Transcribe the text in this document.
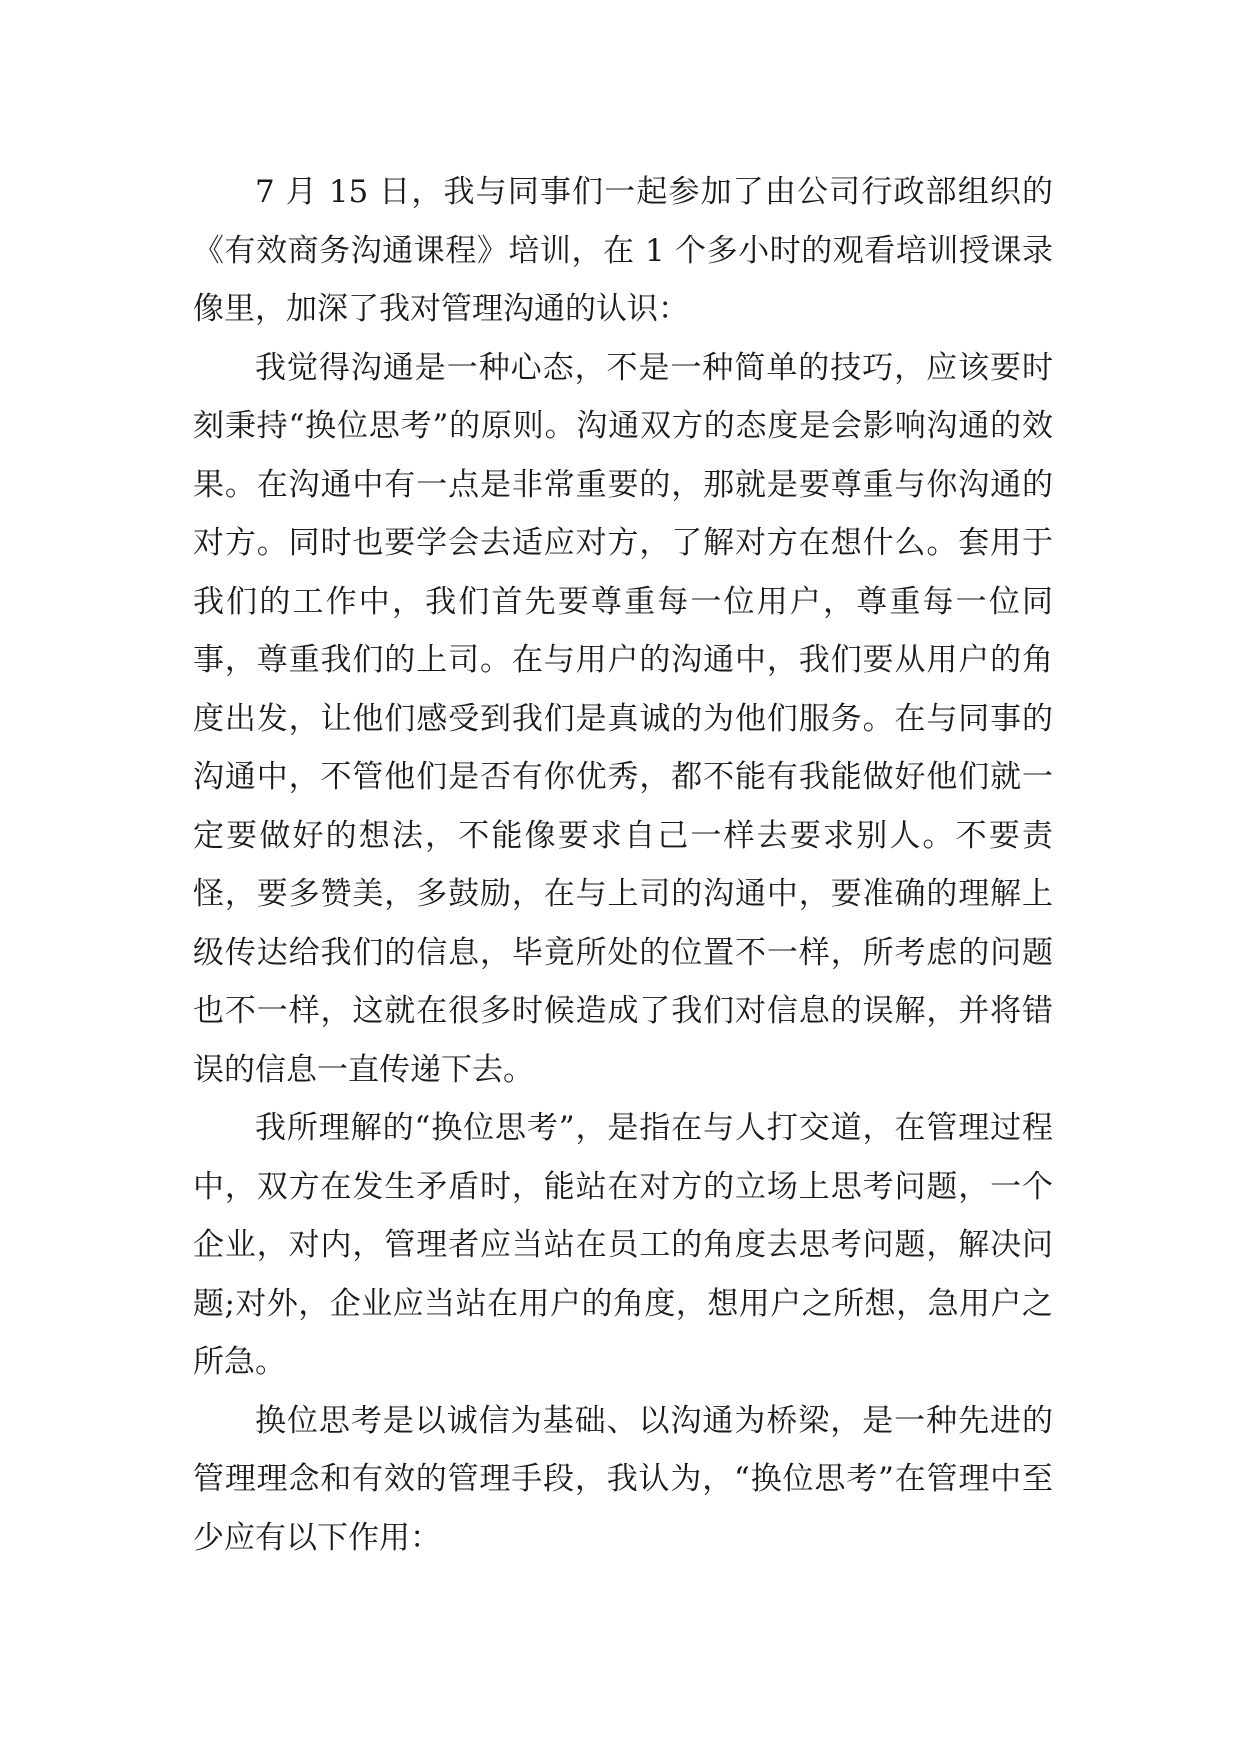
7 月 15 日，我与同事们一起参加了由公司行政部组织的《有效商务沟通课程》培训，在 1 个多小时的观看培训授课录像里，加深了我对管理沟通的认识：

我觉得沟通是一种心态，不是一种简单的技巧，应该要时刻秉持“换位思考”的原则。沟通双方的态度是会影响沟通的效果。在沟通中有一点是非常重要的，那就是要尊重与你沟通的对方。同时也要学会去适应对方，了解对方在想什么。套用于我们的工作中，我们首先要尊重每一位用户，尊重每一位同事，尊重我们的上司。在与用户的沟通中，我们要从用户的角度出发，让他们感受到我们是真诚的为他们服务。在与同事的沟通中，不管他们是否有你优秀，都不能有我能做好他们就一定要做好的想法，不能像要求自己一样去要求别人。不要责怪，要多赞美，多鼓励，在与上司的沟通中，要准确的理解上级传达给我们的信息，毕竟所处的位置不一样，所考虑的问题也不一样，这就在很多时候造成了我们对信息的误解，并将错误的信息一直传递下去。

我所理解的“换位思考”，是指在与人打交道，在管理过程中，双方在发生矛盾时，能站在对方的立场上思考问题，一个企业，对内，管理者应当站在员工的角度去思考问题，解决问题;对外，企业应当站在用户的角度，想用户之所想，急用户之所急。

换位思考是以诚信为基础、以沟通为桥梁，是一种先进的管理理念和有效的管理手段，我认为，“换位思考”在管理中至少应有以下作用：
